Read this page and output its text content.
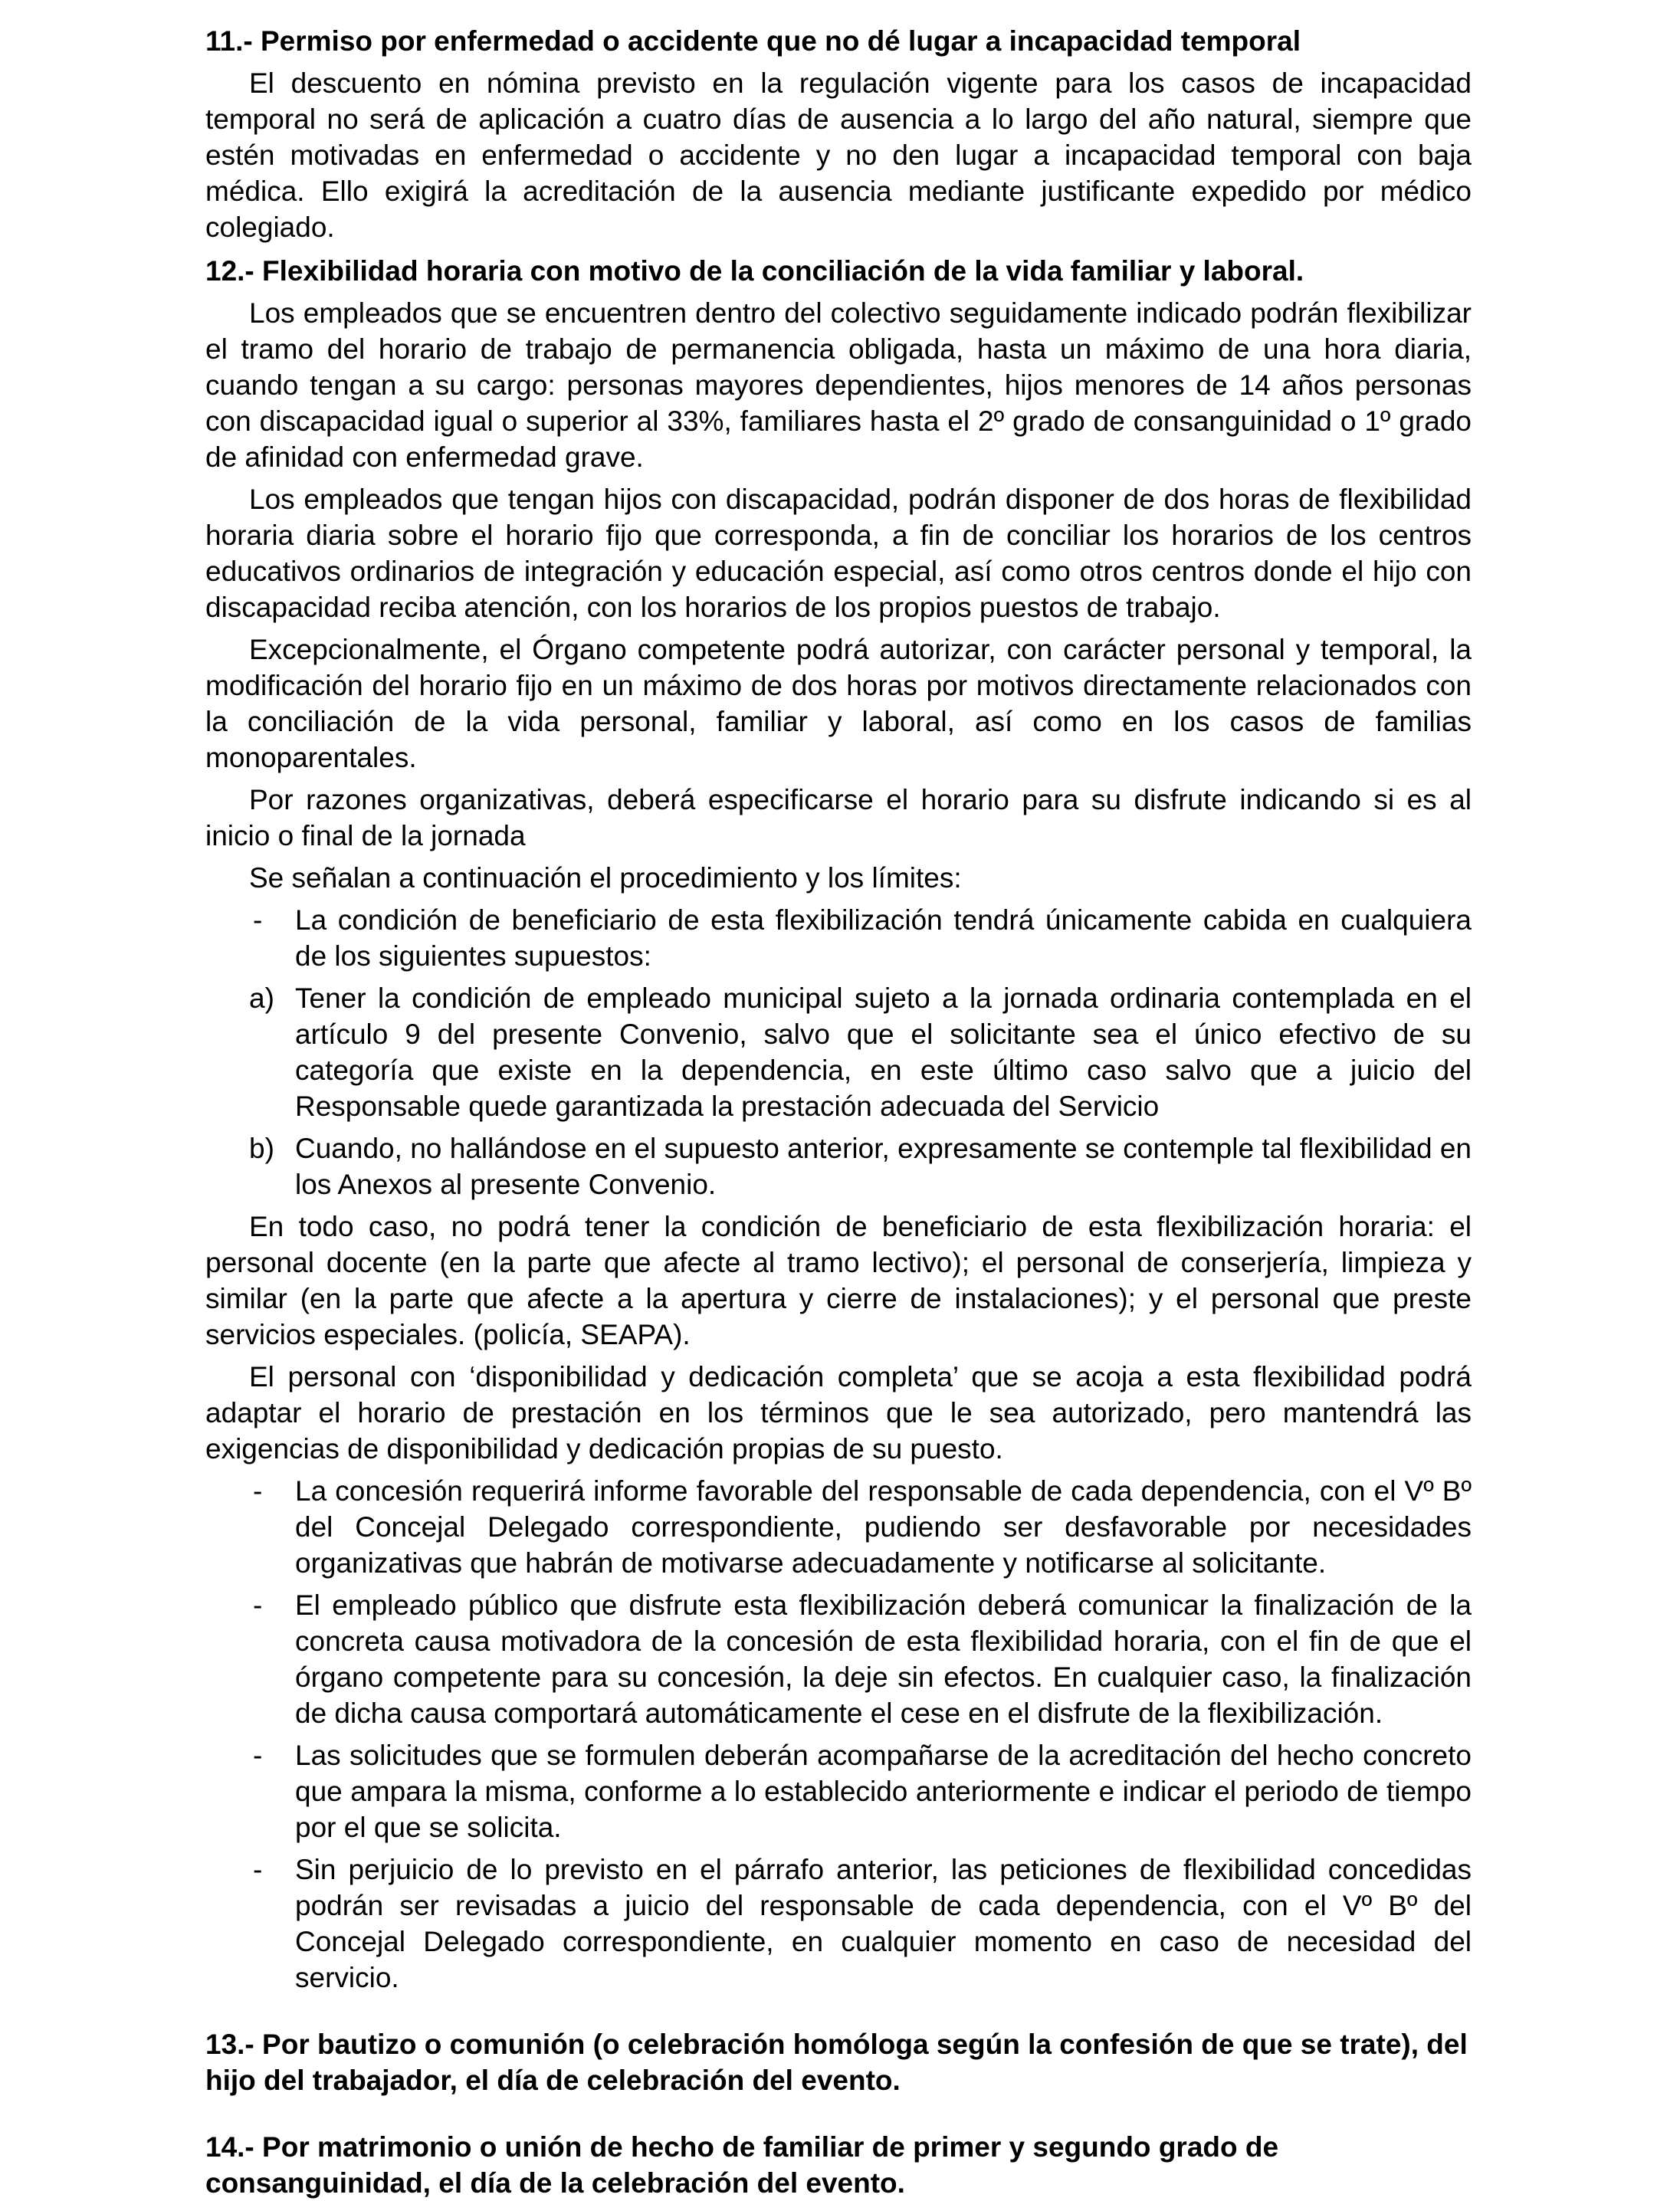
11.- Permiso por enfermedad o accidente que no dé lugar a incapacidad temporal
El descuento en nómina previsto en la regulación vigente para los casos de incapacidad temporal no será de aplicación a cuatro días de ausencia a lo largo del año natural, siempre que estén motivadas en enfermedad o accidente y no den lugar a incapacidad temporal con baja médica. Ello exigirá la acreditación de la ausencia mediante justificante expedido por médico colegiado.
12.- Flexibilidad horaria con motivo de la conciliación de la vida familiar y laboral.
Los empleados que se encuentren dentro del colectivo seguidamente indicado podrán flexibilizar el tramo del horario de trabajo de permanencia obligada, hasta un máximo de una hora diaria, cuando tengan a su cargo: personas mayores dependientes, hijos menores de 14 años personas con discapacidad igual o superior al 33%, familiares hasta el 2º grado de consanguinidad o 1º grado de afinidad con enfermedad grave.
Los empleados que tengan hijos con discapacidad, podrán disponer de dos horas de flexibilidad horaria diaria sobre el horario fijo que corresponda, a fin de conciliar los horarios de los centros educativos ordinarios de integración y educación especial, así como otros centros donde el hijo con discapacidad reciba atención, con los horarios de los propios puestos de trabajo.
Excepcionalmente, el Órgano competente podrá autorizar, con carácter personal y temporal, la modificación del horario fijo en un máximo de dos horas por motivos directamente relacionados con la conciliación de la vida personal, familiar y laboral, así como en los casos de familias monoparentales.
Por razones organizativas, deberá especificarse el horario para su disfrute indicando si es al inicio o final de la jornada
Se señalan a continuación el procedimiento y los límites:
- La condición de beneficiario de esta flexibilización tendrá únicamente cabida en cualquiera de los siguientes supuestos:
a) Tener la condición de empleado municipal sujeto a la jornada ordinaria contemplada en el artículo 9 del presente Convenio, salvo que el solicitante sea el único efectivo de su categoría que existe en la dependencia, en este último caso salvo que a juicio del Responsable quede garantizada la prestación adecuada del Servicio
b) Cuando, no hallándose en el supuesto anterior, expresamente se contemple tal flexibilidad en los Anexos al presente Convenio.
En todo caso, no podrá tener la condición de beneficiario de esta flexibilización horaria: el personal docente (en la parte que afecte al tramo lectivo); el personal de conserjería, limpieza y similar (en la parte que afecte a la apertura y cierre de instalaciones); y el personal que preste servicios especiales. (policía, SEAPA).
El personal con ‘disponibilidad y dedicación completa’ que se acoja a esta flexibilidad podrá adaptar el horario de prestación en los términos que le sea autorizado, pero mantendrá las exigencias de disponibilidad y dedicación propias de su puesto.
- La concesión requerirá informe favorable del responsable de cada dependencia, con el Vº Bº del Concejal Delegado correspondiente, pudiendo ser desfavorable por necesidades organizativas que habrán de motivarse adecuadamente y notificarse al solicitante.
- El empleado público que disfrute esta flexibilización deberá comunicar la finalización de la concreta causa motivadora de la concesión de esta flexibilidad horaria, con el fin de que el órgano competente para su concesión, la deje sin efectos. En cualquier caso, la finalización de dicha causa comportará automáticamente el cese en el disfrute de la flexibilización.
- Las solicitudes que se formulen deberán acompañarse de la acreditación del hecho concreto que ampara la misma, conforme a lo establecido anteriormente e indicar el periodo de tiempo por el que se solicita.
- Sin perjuicio de lo previsto en el párrafo anterior, las peticiones de flexibilidad concedidas podrán ser revisadas a juicio del responsable de cada dependencia, con el Vº Bº del Concejal Delegado correspondiente, en cualquier momento en caso de necesidad del servicio.
13.- Por bautizo o comunión (o celebración homóloga según la confesión de que se trate), del hijo del trabajador, el día de celebración del evento.
14.- Por matrimonio o unión de hecho de familiar de primer y segundo grado de consanguinidad, el día de la celebración del evento.
